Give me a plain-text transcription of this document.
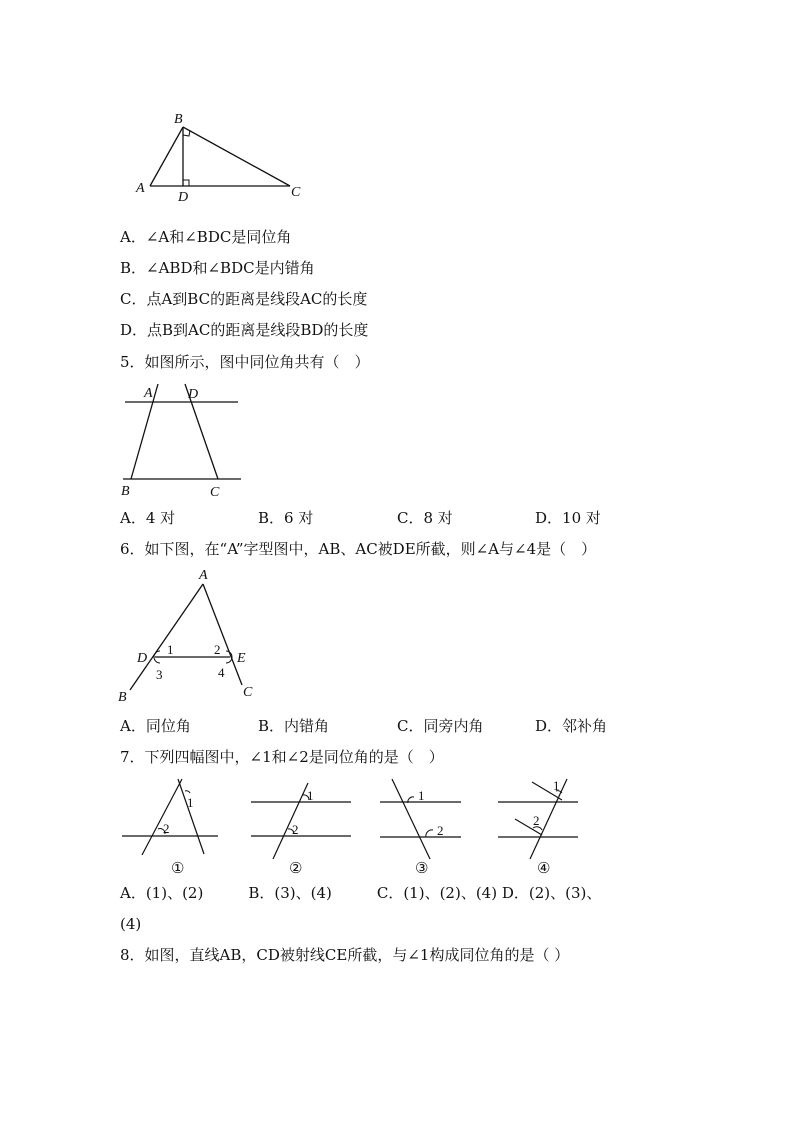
B
A
D	C
A．∠A和∠BDC是同位角
B．∠ABD和∠BDC是内错角
C．点A到BC的距离是线段AC的长度
D．点B到AC的距离是线段BD的长度
5．如图所示，图中同位角共有（　）
A	D
B	C
A．4 对	B．6 对	C．8 对	D．10 对
6．如下图，在“A”字型图中，AB、AC被DE所截，则∠A与∠4是（　）
A
D	E
B	C
1	2
3	4
A．同位角	B．内错角	C．同旁内角	D．邻补角
7．下列四幅图中，∠1和∠2是同位角的是（　）
1
2
①
1
2
②
1
2
③
1
2
④
A．(1)、(2)　　　B．(3)、(4)　　　C．(1)、(2)、(4) D．(2)、(3)、
(4)
8．如图，直线AB，CD被射线CE所截，与∠1构成同位角的是（ ）
